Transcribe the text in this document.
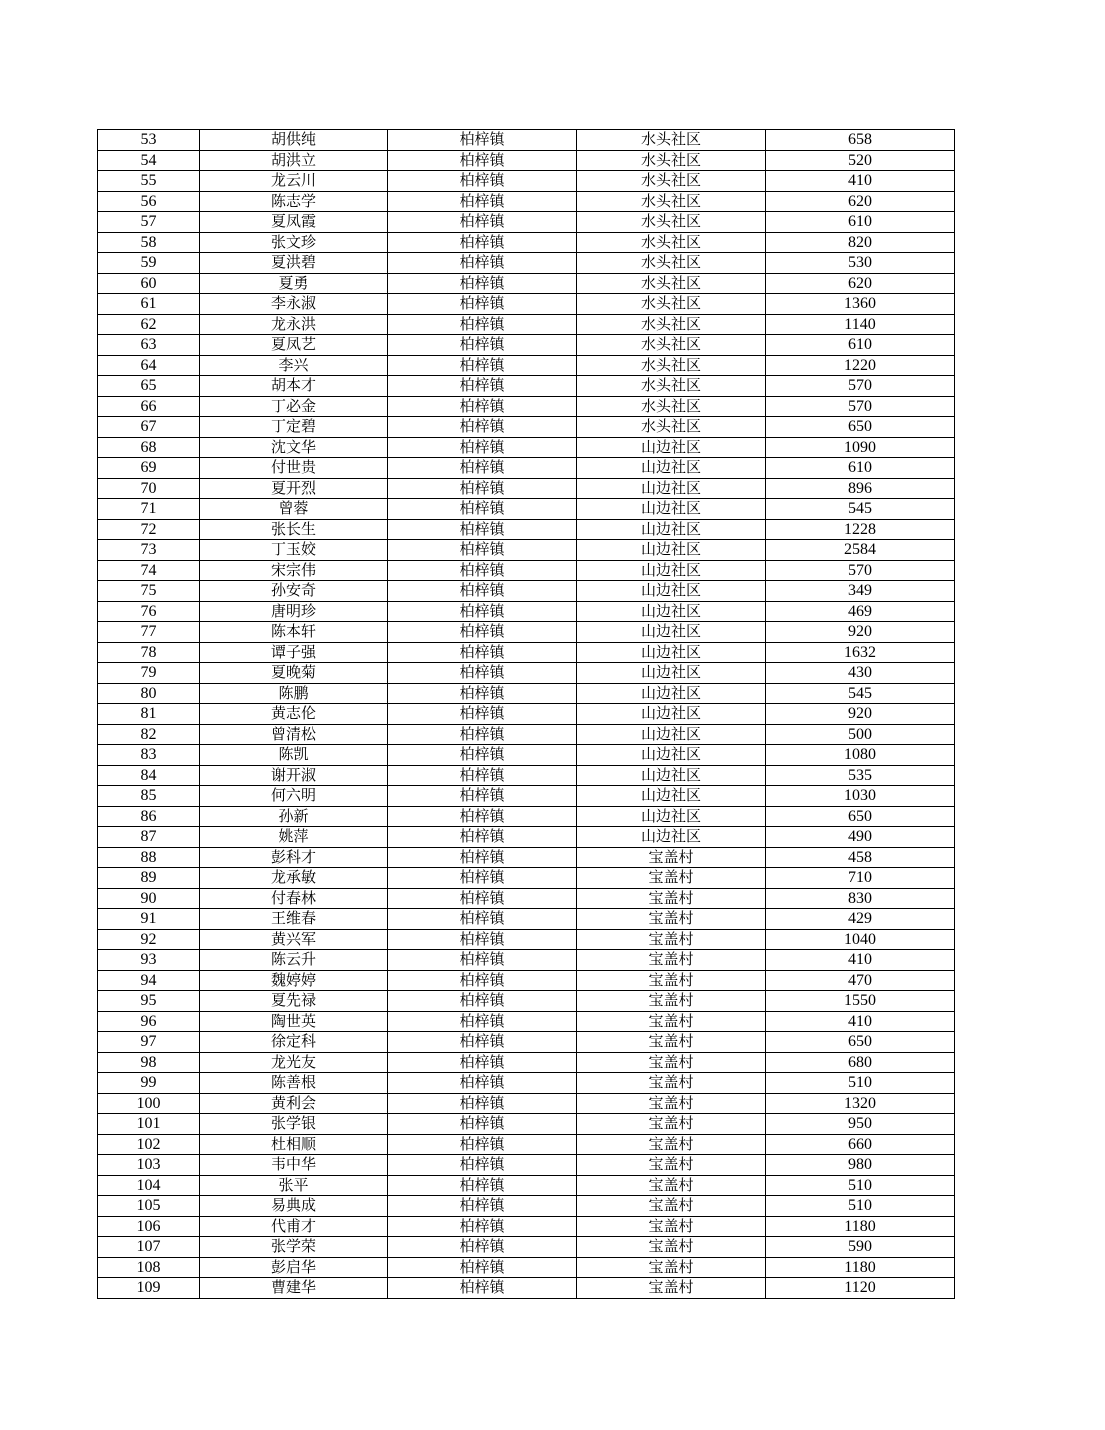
53	胡供纯	柏梓镇	水头社区	658
54	胡洪立	柏梓镇	水头社区	520
55	龙云川	柏梓镇	水头社区	410
56	陈志学	柏梓镇	水头社区	620
57	夏凤霞	柏梓镇	水头社区	610
58	张文珍	柏梓镇	水头社区	820
59	夏洪碧	柏梓镇	水头社区	530
60	夏勇	柏梓镇	水头社区	620
61	李永淑	柏梓镇	水头社区	1360
62	龙永洪	柏梓镇	水头社区	1140
63	夏凤艺	柏梓镇	水头社区	610
64	李兴	柏梓镇	水头社区	1220
65	胡本才	柏梓镇	水头社区	570
66	丁必金	柏梓镇	水头社区	570
67	丁定碧	柏梓镇	水头社区	650
68	沈文华	柏梓镇	山边社区	1090
69	付世贵	柏梓镇	山边社区	610
70	夏开烈	柏梓镇	山边社区	896
71	曾蓉	柏梓镇	山边社区	545
72	张长生	柏梓镇	山边社区	1228
73	丁玉姣	柏梓镇	山边社区	2584
74	宋宗伟	柏梓镇	山边社区	570
75	孙安奇	柏梓镇	山边社区	349
76	唐明珍	柏梓镇	山边社区	469
77	陈本轩	柏梓镇	山边社区	920
78	谭子强	柏梓镇	山边社区	1632
79	夏晚菊	柏梓镇	山边社区	430
80	陈鹏	柏梓镇	山边社区	545
81	黄志伦	柏梓镇	山边社区	920
82	曾清松	柏梓镇	山边社区	500
83	陈凯	柏梓镇	山边社区	1080
84	谢开淑	柏梓镇	山边社区	535
85	何六明	柏梓镇	山边社区	1030
86	孙新	柏梓镇	山边社区	650
87	姚萍	柏梓镇	山边社区	490
88	彭科才	柏梓镇	宝盖村	458
89	龙承敏	柏梓镇	宝盖村	710
90	付春林	柏梓镇	宝盖村	830
91	王维春	柏梓镇	宝盖村	429
92	黄兴军	柏梓镇	宝盖村	1040
93	陈云升	柏梓镇	宝盖村	410
94	魏婷婷	柏梓镇	宝盖村	470
95	夏先禄	柏梓镇	宝盖村	1550
96	陶世英	柏梓镇	宝盖村	410
97	徐定科	柏梓镇	宝盖村	650
98	龙光友	柏梓镇	宝盖村	680
99	陈善根	柏梓镇	宝盖村	510
100	黄利会	柏梓镇	宝盖村	1320
101	张学银	柏梓镇	宝盖村	950
102	杜相顺	柏梓镇	宝盖村	660
103	韦中华	柏梓镇	宝盖村	980
104	张平	柏梓镇	宝盖村	510
105	易典成	柏梓镇	宝盖村	510
106	代甫才	柏梓镇	宝盖村	1180
107	张学荣	柏梓镇	宝盖村	590
108	彭启华	柏梓镇	宝盖村	1180
109	曹建华	柏梓镇	宝盖村	1120
